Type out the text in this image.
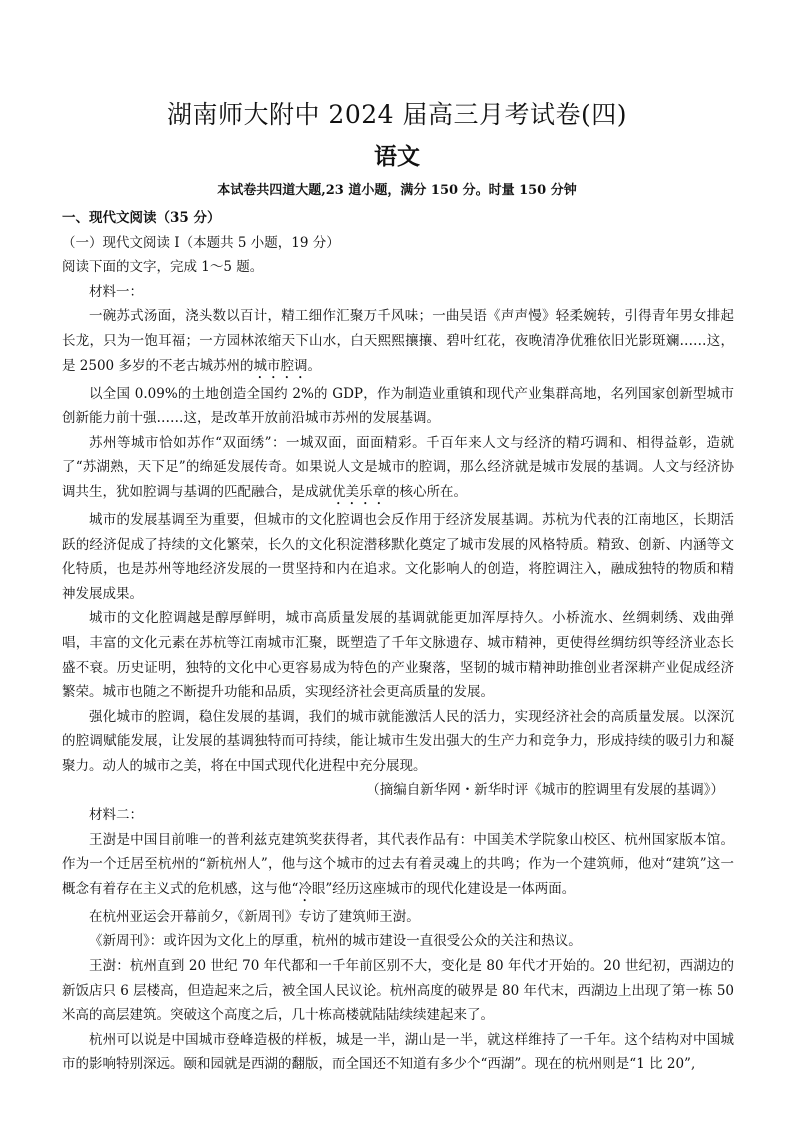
湖南师大附中 2024 届高三月考试卷(四)
语文
本试卷共四道大题,23 道小题，满分 150 分。时量 150 分钟

一、现代文阅读（35 分）

（一）现代文阅读 I（本题共 5 小题，19 分）

阅读下面的文字，完成 1～5 题。

材料一：

一碗苏式汤面，浇头数以百计，精工细作汇聚万千风味；一曲吴语《声声慢》轻柔婉转，引得青年男女排起长龙，只为一饱耳福；一方园林浓缩天下山水，白天熙熙攘攘、碧叶红花，夜晚清净优雅依旧光影斑斓……这，是 2500 多岁的不老古城苏州的城市腔调。

以全国 0.09%的土地创造全国约 2%的 GDP，作为制造业重镇和现代产业集群高地，名列国家创新型城市创新能力前十强……这，是改革开放前沿城市苏州的发展基调。

苏州等城市恰如苏作“双面绣”：一城双面，面面精彩。千百年来人文与经济的精巧调和、相得益彰，造就了“苏湖熟，天下足”的绵延发展传奇。如果说人文是城市的腔调，那么经济就是城市发展的基调。人文与经济协调共生，犹如腔调与基调的匹配融合，是成就优美乐章的核心所在。

城市的发展基调至为重要，但城市的文化腔调也会反作用于经济发展基调。苏杭为代表的江南地区，长期活跃的经济促成了持续的文化繁荣，长久的文化积淀潜移默化奠定了城市发展的风格特质。精致、创新、内涵等文化特质，也是苏州等地经济发展的一贯坚持和内在追求。文化影响人的创造，将腔调注入，融成独特的物质和精神发展成果。

城市的文化腔调越是醇厚鲜明，城市高质量发展的基调就能更加浑厚持久。小桥流水、丝绸刺绣、戏曲弹唱，丰富的文化元素在苏杭等江南城市汇聚，既塑造了千年文脉遗存、城市精神，更使得丝绸纺织等经济业态长盛不衰。历史证明，独特的文化中心更容易成为特色的产业聚落，坚韧的城市精神助推创业者深耕产业促成经济繁荣。城市也随之不断提升功能和品质，实现经济社会更高质量的发展。

强化城市的腔调，稳住发展的基调，我们的城市就能激活人民的活力，实现经济社会的高质量发展。以深沉的腔调赋能发展，让发展的基调独特而可持续，能让城市生发出强大的生产力和竞争力，形成持续的吸引力和凝聚力。动人的城市之美，将在中国式现代化进程中充分展现。

（摘编自新华网・新华时评《城市的腔调里有发展的基调》）

材料二：

王澍是中国目前唯一的普利兹克建筑奖获得者，其代表作品有：中国美术学院象山校区、杭州国家版本馆。作为一个迁居至杭州的“新杭州人”，他与这个城市的过去有着灵魂上的共鸣；作为一个建筑师，他对“建筑”这一概念有着存在主义式的危机感，这与他“冷眼”经历这座城市的现代化建设是一体两面。

在杭州亚运会开幕前夕，《新周刊》专访了建筑师王澍。

《新周刊》：或许因为文化上的厚重，杭州的城市建设一直很受公众的关注和热议。

王澍：杭州直到 20 世纪 70 年代都和一千年前区别不大，变化是 80 年代才开始的。20 世纪初，西湖边的新饭店只 6 层楼高，但造起来之后，被全国人民议论。杭州高度的破界是 80 年代末，西湖边上出现了第一栋 50 米高的高层建筑。突破这个高度之后，几十栋高楼就陆陆续续建起来了。

杭州可以说是中国城市登峰造极的样板，城是一半，湖山是一半，就这样维持了一千年。这个结构对中国城市的影响特别深远。颐和园就是西湖的翻版，而全国还不知道有多少个“西湖”。现在的杭州则是“1 比 20”,
